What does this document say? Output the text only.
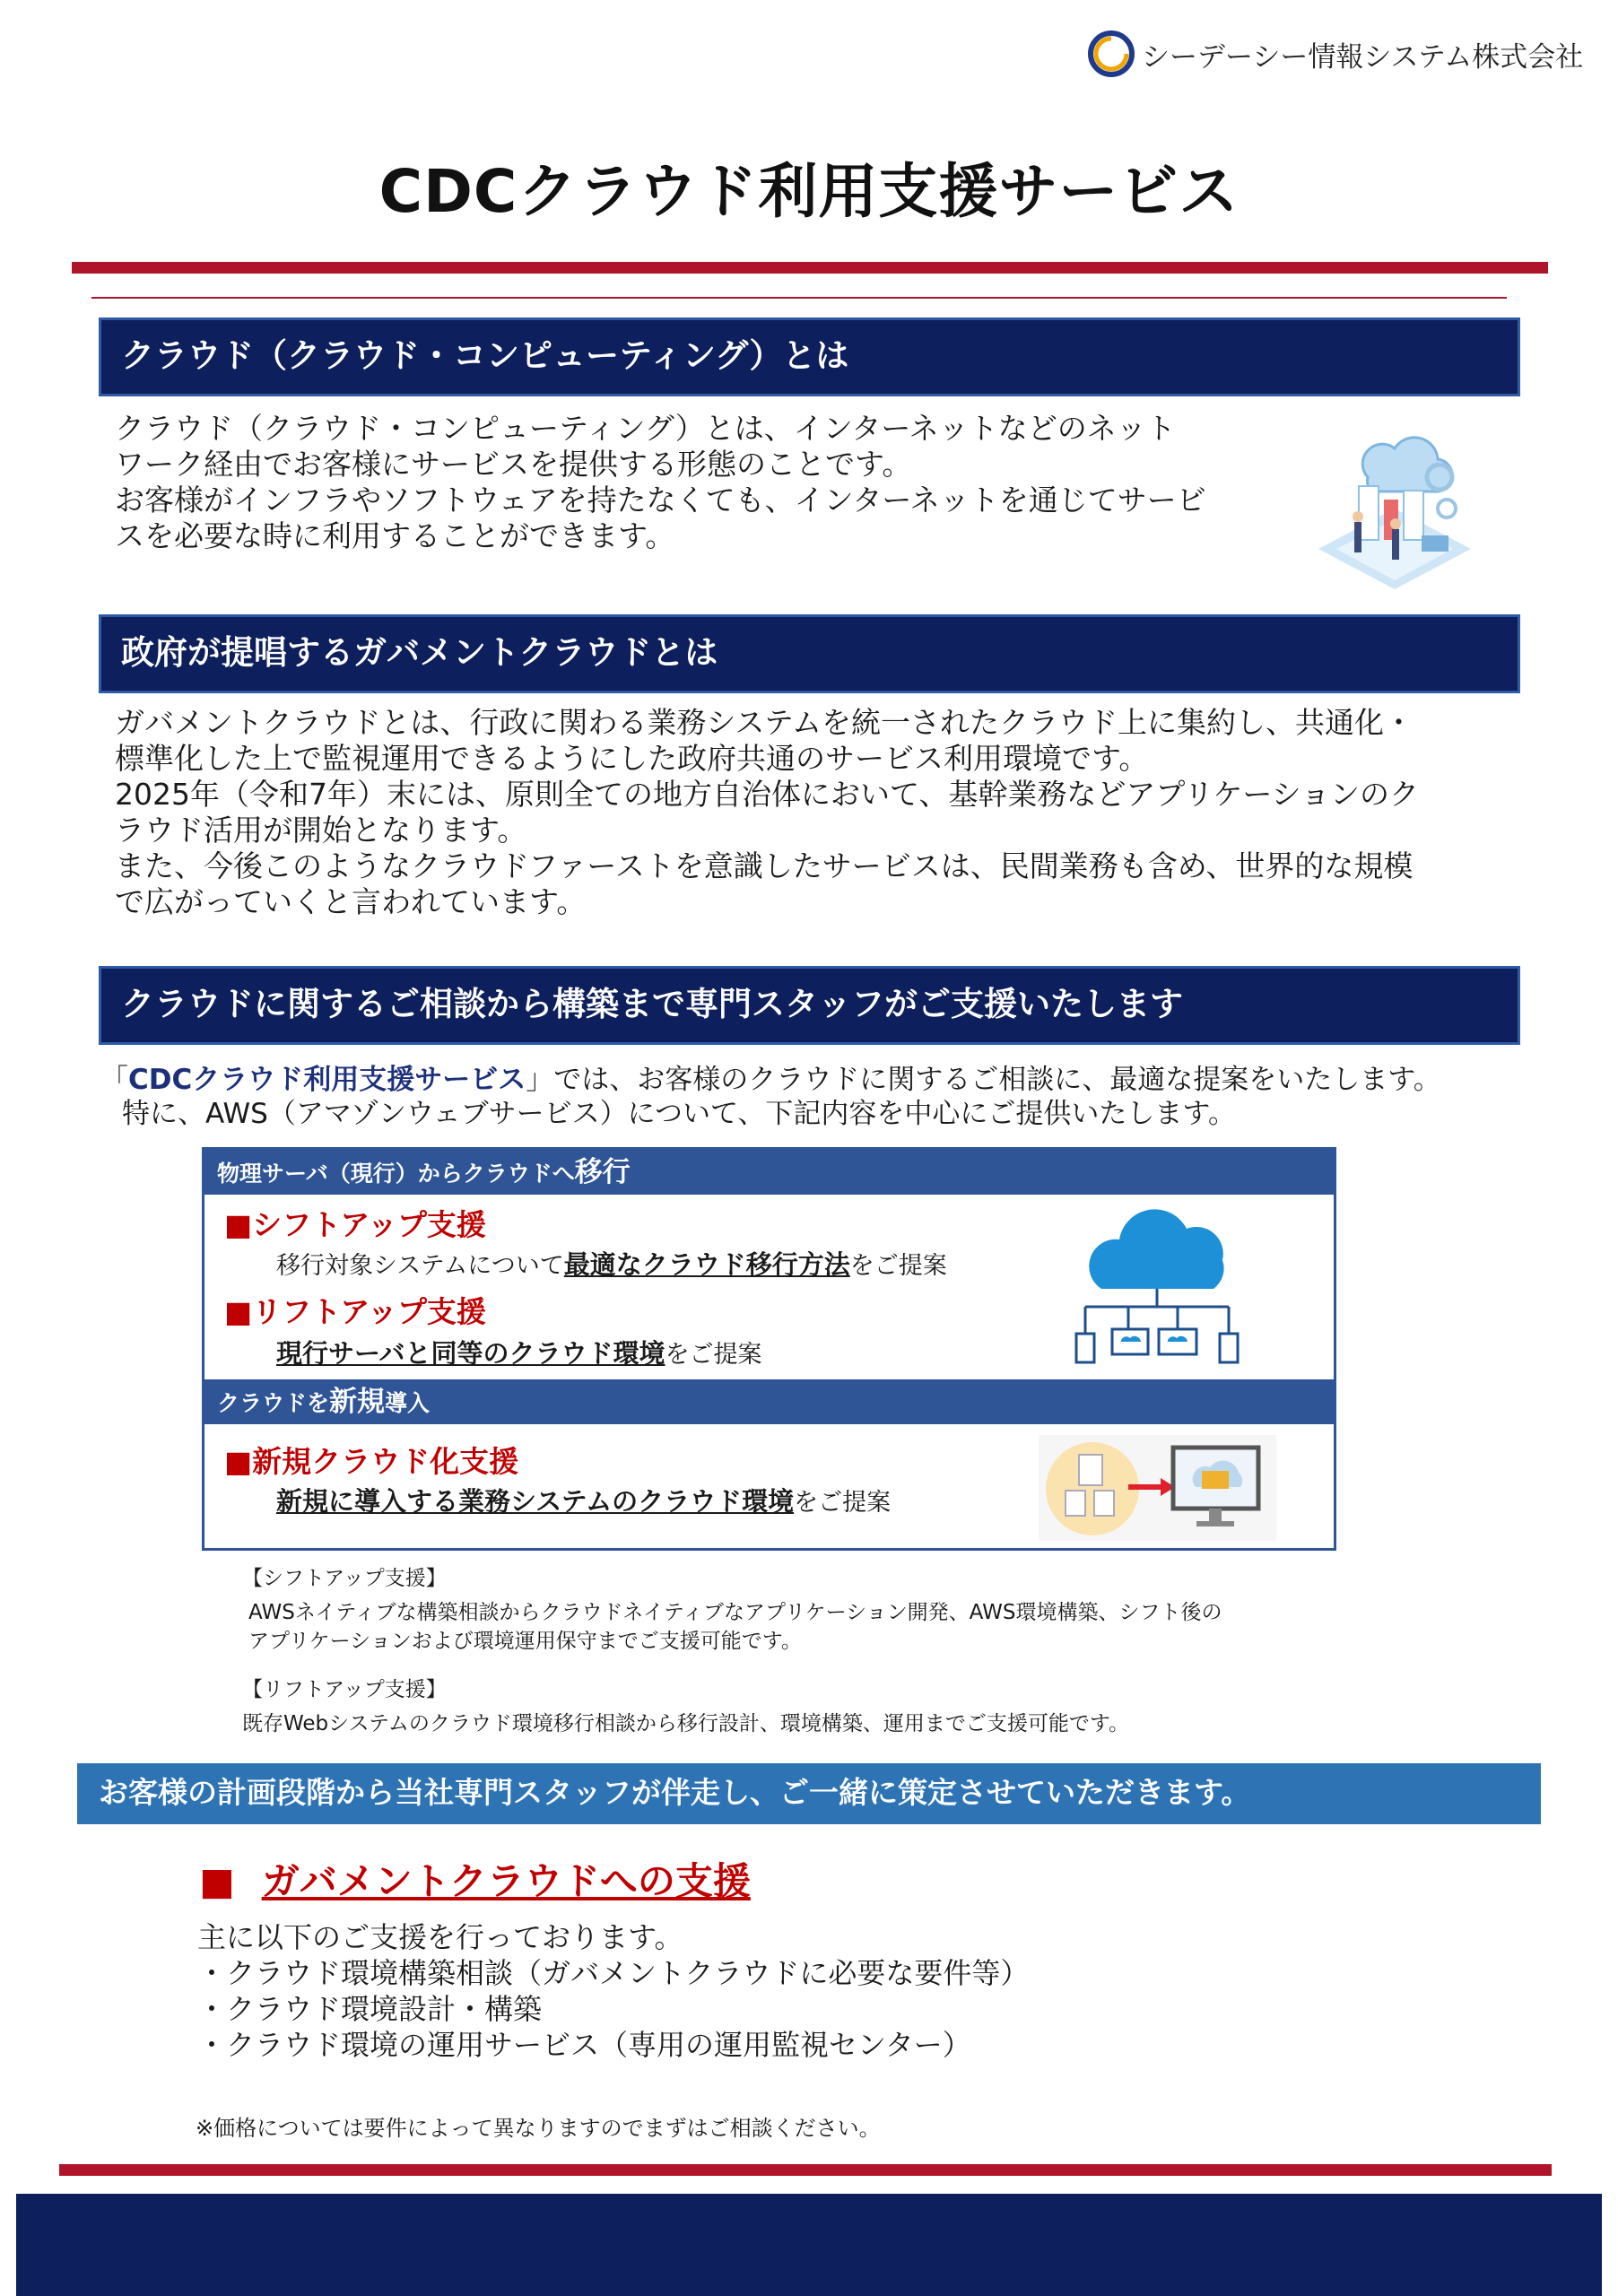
シーデーシー情報システム株式会社
CDCクラウド利用支援サービス
クラウド（クラウド・コンピューティング）とは
クラウド（クラウド・コンピューティング）とは、インターネットなどのネット
ワーク経由でお客様にサービスを提供する形態のことです。
お客様がインフラやソフトウェアを持たなくても、インターネットを通じてサービ
スを必要な時に利用することができます。
政府が提唱するガバメントクラウドとは
ガバメントクラウドとは、行政に関わる業務システムを統一されたクラウド上に集約し、共通化・
標準化した上で監視運用できるようにした政府共通のサービス利用環境です。
2025年（令和7年）末には、原則全ての地方自治体において、基幹業務などアプリケーションのク
ラウド活用が開始となります。
また、今後このようなクラウドファーストを意識したサービスは、民間業務も含め、世界的な規模
で広がっていくと言われています。
クラウドに関するご相談から構築まで専門スタッフがご支援いたします
「CDCクラウド利用支援サービス」では、お客様のクラウドに関するご相談に、最適な提案をいたします。
特に、AWS（アマゾンウェブサービス）について、下記内容を中心にご提供いたします。
物理サーバ（現行）からクラウドへ移行
■シフトアップ支援
移行対象システムについて最適なクラウド移行方法をご提案
■リフトアップ支援
現行サーバと同等のクラウド環境をご提案
クラウドを新規導入
■新規クラウド化支援
新規に導入する業務システムのクラウド環境をご提案
【シフトアップ支援】
AWSネイティブな構築相談からクラウドネイティブなアプリケーション開発、AWS環境構築、シフト後の
アプリケーションおよび環境運用保守までご支援可能です。
【リフトアップ支援】
既存Webシステムのクラウド環境移行相談から移行設計、環境構築、運用までご支援可能です。
お客様の計画段階から当社専門スタッフが伴走し、ご一緒に策定させていただきます。
■ ガバメントクラウドへの支援
主に以下のご支援を行っております。
・クラウド環境構築相談（ガバメントクラウドに必要な要件等）
・クラウド環境設計・構築
・クラウド環境の運用サービス（専用の運用監視センター）
※価格については要件によって異なりますのでまずはご相談ください。
